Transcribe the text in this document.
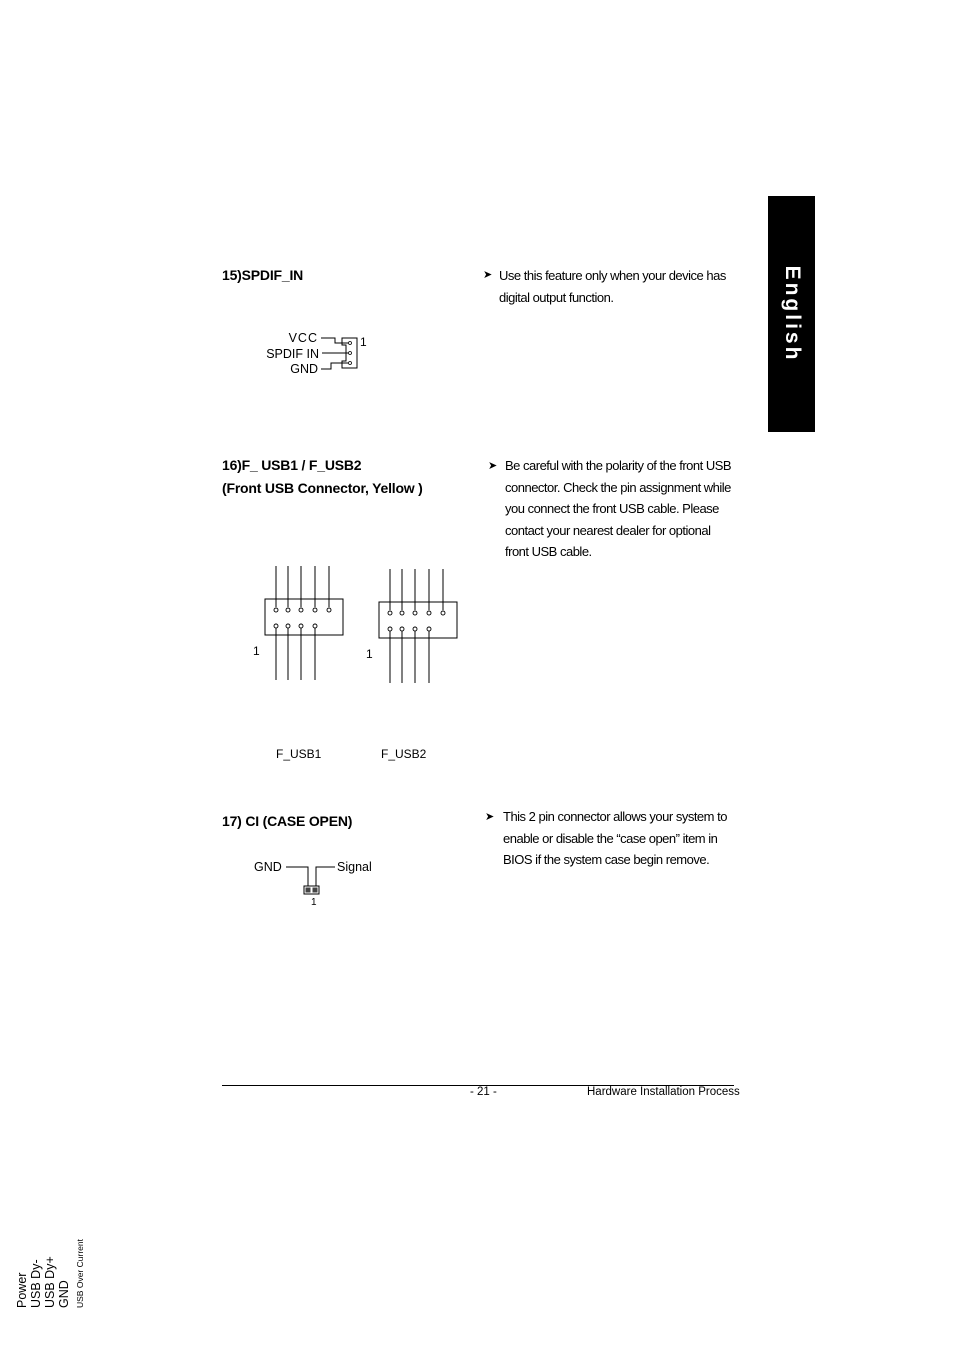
English
15)SPDIF_IN	➤ Use this feature only when your device has digital output function.
VCC
SPDIF IN
GND
1
16)F_ USB1 / F_USB2
(Front USB Connector, Yellow )
➤ Be careful with the polarity of the front USB connector. Check the pin assignment while you connect the front USB cable. Please contact your nearest dealer for optional front USB cable.
Power USB Dy- USB Dy+ GND USB Over Current
1
F_USB1
1
F_USB2
17) CI (CASE OPEN)	➤ This 2 pin connector allows your system to enable or disable the “case open” item in BIOS if the system case begin remove.
GND	Signal
1
- 21 -	Hardware Installation Process
